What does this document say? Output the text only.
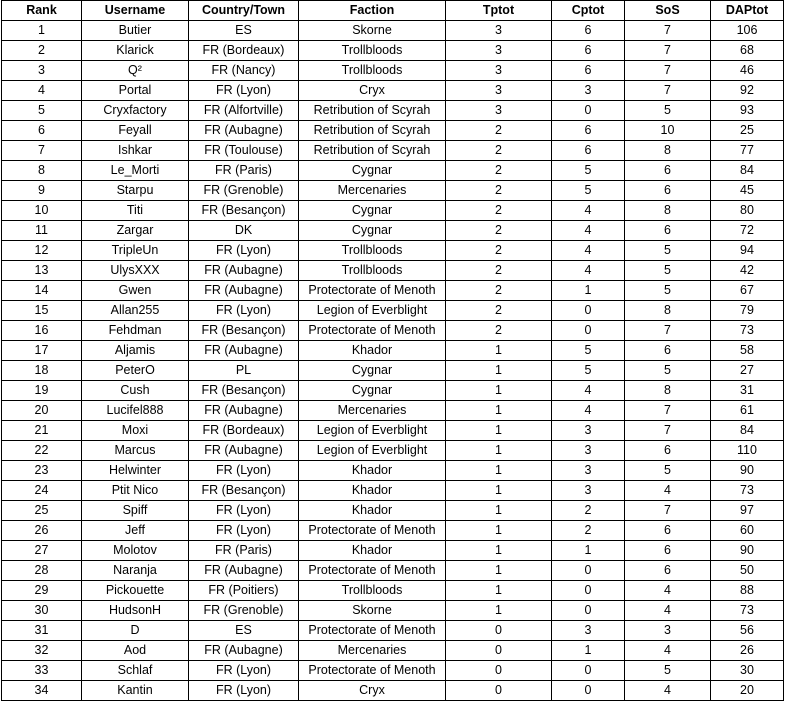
Rank	Username	Country/Town	Faction	Tptot	Cptot	SoS	DAPtot
1	Butier	ES	Skorne	3	6	7	106
2	Klarick	FR (Bordeaux)	Trollbloods	3	6	7	68
3	Q²	FR (Nancy)	Trollbloods	3	6	7	46
4	Portal	FR (Lyon)	Cryx	3	3	7	92
5	Cryxfactory	FR (Alfortville)	Retribution of Scyrah	3	0	5	93
6	Feyall	FR (Aubagne)	Retribution of Scyrah	2	6	10	25
7	Ishkar	FR (Toulouse)	Retribution of Scyrah	2	6	8	77
8	Le_Morti	FR (Paris)	Cygnar	2	5	6	84
9	Starpu	FR (Grenoble)	Mercenaries	2	5	6	45
10	Titi	FR (Besançon)	Cygnar	2	4	8	80
11	Zargar	DK	Cygnar	2	4	6	72
12	TripleUn	FR (Lyon)	Trollbloods	2	4	5	94
13	UlysXXX	FR (Aubagne)	Trollbloods	2	4	5	42
14	Gwen	FR (Aubagne)	Protectorate of Menoth	2	1	5	67
15	Allan255	FR (Lyon)	Legion of Everblight	2	0	8	79
16	Fehdman	FR (Besançon)	Protectorate of Menoth	2	0	7	73
17	Aljamis	FR (Aubagne)	Khador	1	5	6	58
18	PeterO	PL	Cygnar	1	5	5	27
19	Cush	FR (Besançon)	Cygnar	1	4	8	31
20	Lucifel888	FR (Aubagne)	Mercenaries	1	4	7	61
21	Moxi	FR (Bordeaux)	Legion of Everblight	1	3	7	84
22	Marcus	FR (Aubagne)	Legion of Everblight	1	3	6	110
23	Helwinter	FR (Lyon)	Khador	1	3	5	90
24	Ptit Nico	FR (Besançon)	Khador	1	3	4	73
25	Spiff	FR (Lyon)	Khador	1	2	7	97
26	Jeff	FR (Lyon)	Protectorate of Menoth	1	2	6	60
27	Molotov	FR (Paris)	Khador	1	1	6	90
28	Naranja	FR (Aubagne)	Protectorate of Menoth	1	0	6	50
29	Pickouette	FR (Poitiers)	Trollbloods	1	0	4	88
30	HudsonH	FR (Grenoble)	Skorne	1	0	4	73
31	D	ES	Protectorate of Menoth	0	3	3	56
32	Aod	FR (Aubagne)	Mercenaries	0	1	4	26
33	Schlaf	FR (Lyon)	Protectorate of Menoth	0	0	5	30
34	Kantin	FR (Lyon)	Cryx	0	0	4	20
